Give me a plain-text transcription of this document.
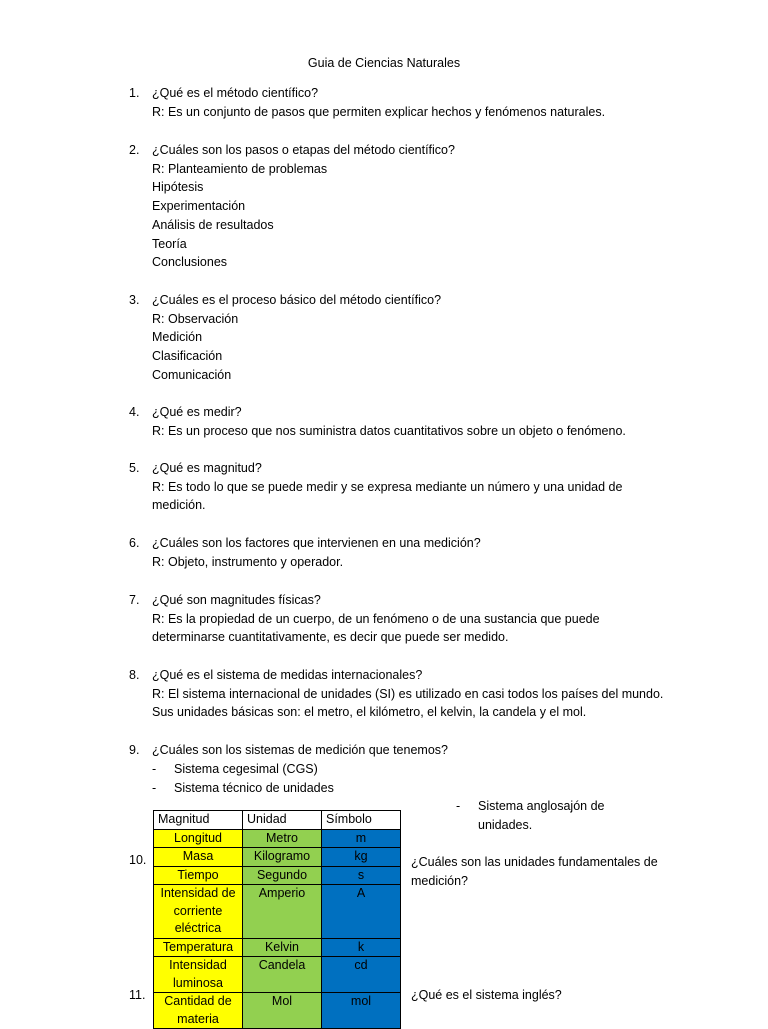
Guia de Ciencias Naturales
1. ¿Qué es el método científico?
R: Es un conjunto de pasos que permiten explicar hechos y fenómenos naturales.
2. ¿Cuáles son los pasos o etapas del método científico?
R: Planteamiento de problemas
Hipótesis
Experimentación
Análisis de resultados
Teoría
Conclusiones
3. ¿Cuáles es el proceso básico del método científico?
R: Observación
Medición
Clasificación
Comunicación
4. ¿Qué es medir?
R: Es un proceso que nos suministra datos cuantitativos sobre un objeto o fenómeno.
5. ¿Qué es magnitud?
R: Es todo lo que se puede medir y se expresa mediante un número y una unidad de
medición.
6. ¿Cuáles son los factores que intervienen en una medición?
R: Objeto, instrumento y operador.
7. ¿Qué son magnitudes físicas?
R: Es la propiedad de un cuerpo, de un fenómeno o de una sustancia que puede
determinarse cuantitativamente, es decir que puede ser medido.
8. ¿Qué es el sistema de medidas internacionales?
R: El sistema internacional de unidades (SI) es utilizado en casi todos los países del mundo.
Sus unidades básicas son: el metro, el kilómetro, el kelvin, la candela y el mol.
9. ¿Cuáles son los sistemas de medición que tenemos?
- Sistema cegesimal (CGS)
- Sistema técnico de unidades
- Sistema anglosajón de unidades.
Magnitud	Unidad	Símbolo
Longitud	Metro	m
Masa	Kilogramo	kg
Tiempo	Segundo	s
Intensidad de corriente eléctrica	Amperio	A
Temperatura	Kelvin	k
Intensidad luminosa	Candela	cd
Cantidad de materia	Mol	mol
10.	¿Cuáles son las unidades fundamentales de medición?
11.	¿Qué es el sistema inglés?
